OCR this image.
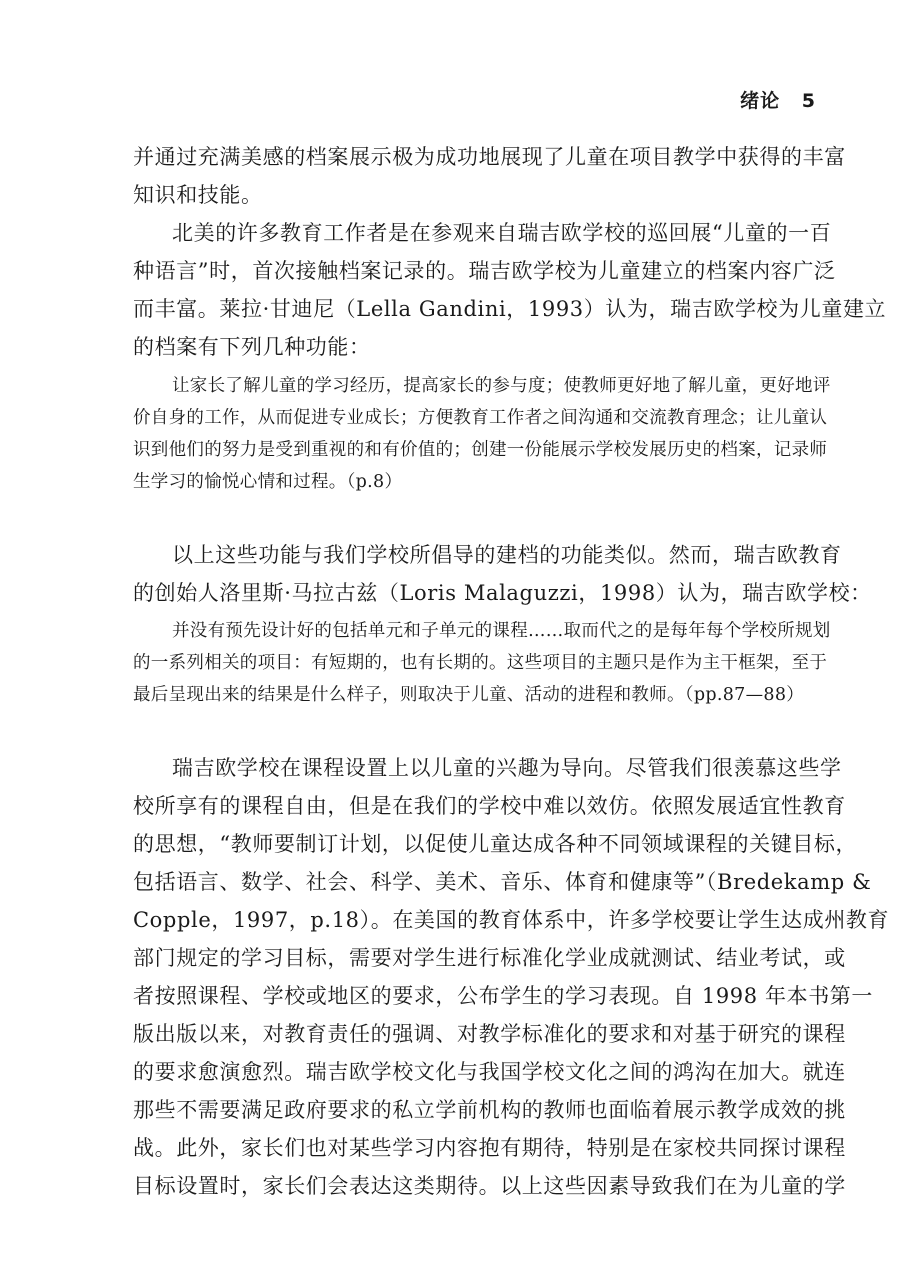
绪论 5
并通过充满美感的档案展示极为成功地展现了儿童在项目教学中获得的丰富
知识和技能。
北美的许多教育工作者是在参观来自瑞吉欧学校的巡回展“儿童的一百
种语言”时，首次接触档案记录的。瑞吉欧学校为儿童建立的档案内容广泛
而丰富。莱拉·甘迪尼（Lella Gandini，1993）认为，瑞吉欧学校为儿童建立
的档案有下列几种功能：
让家长了解儿童的学习经历，提高家长的参与度；使教师更好地了解儿童，更好地评
价自身的工作，从而促进专业成长；方便教育工作者之间沟通和交流教育理念；让儿童认
识到他们的努力是受到重视的和有价值的；创建一份能展示学校发展历史的档案，记录师
生学习的愉悦心情和过程。（p.8）
以上这些功能与我们学校所倡导的建档的功能类似。然而，瑞吉欧教育
的创始人洛里斯·马拉古兹（Loris Malaguzzi，1998）认为，瑞吉欧学校：
并没有预先设计好的包括单元和子单元的课程……取而代之的是每年每个学校所规划
的一系列相关的项目：有短期的，也有长期的。这些项目的主题只是作为主干框架，至于
最后呈现出来的结果是什么样子，则取决于儿童、活动的进程和教师。（pp.87—88）
瑞吉欧学校在课程设置上以儿童的兴趣为导向。尽管我们很羡慕这些学
校所享有的课程自由，但是在我们的学校中难以效仿。依照发展适宜性教育
的思想，“教师要制订计划，以促使儿童达成各种不同领域课程的关键目标，
包括语言、数学、社会、科学、美术、音乐、体育和健康等”（Bredekamp &
Copple，1997，p.18）。在美国的教育体系中，许多学校要让学生达成州教育
部门规定的学习目标，需要对学生进行标准化学业成就测试、结业考试，或
者按照课程、学校或地区的要求，公布学生的学习表现。自 1998 年本书第一
版出版以来，对教育责任的强调、对教学标准化的要求和对基于研究的课程
的要求愈演愈烈。瑞吉欧学校文化与我国学校文化之间的鸿沟在加大。就连
那些不需要满足政府要求的私立学前机构的教师也面临着展示教学成效的挑
战。此外，家长们也对某些学习内容抱有期待，特别是在家校共同探讨课程
目标设置时，家长们会表达这类期待。以上这些因素导致我们在为儿童的学
